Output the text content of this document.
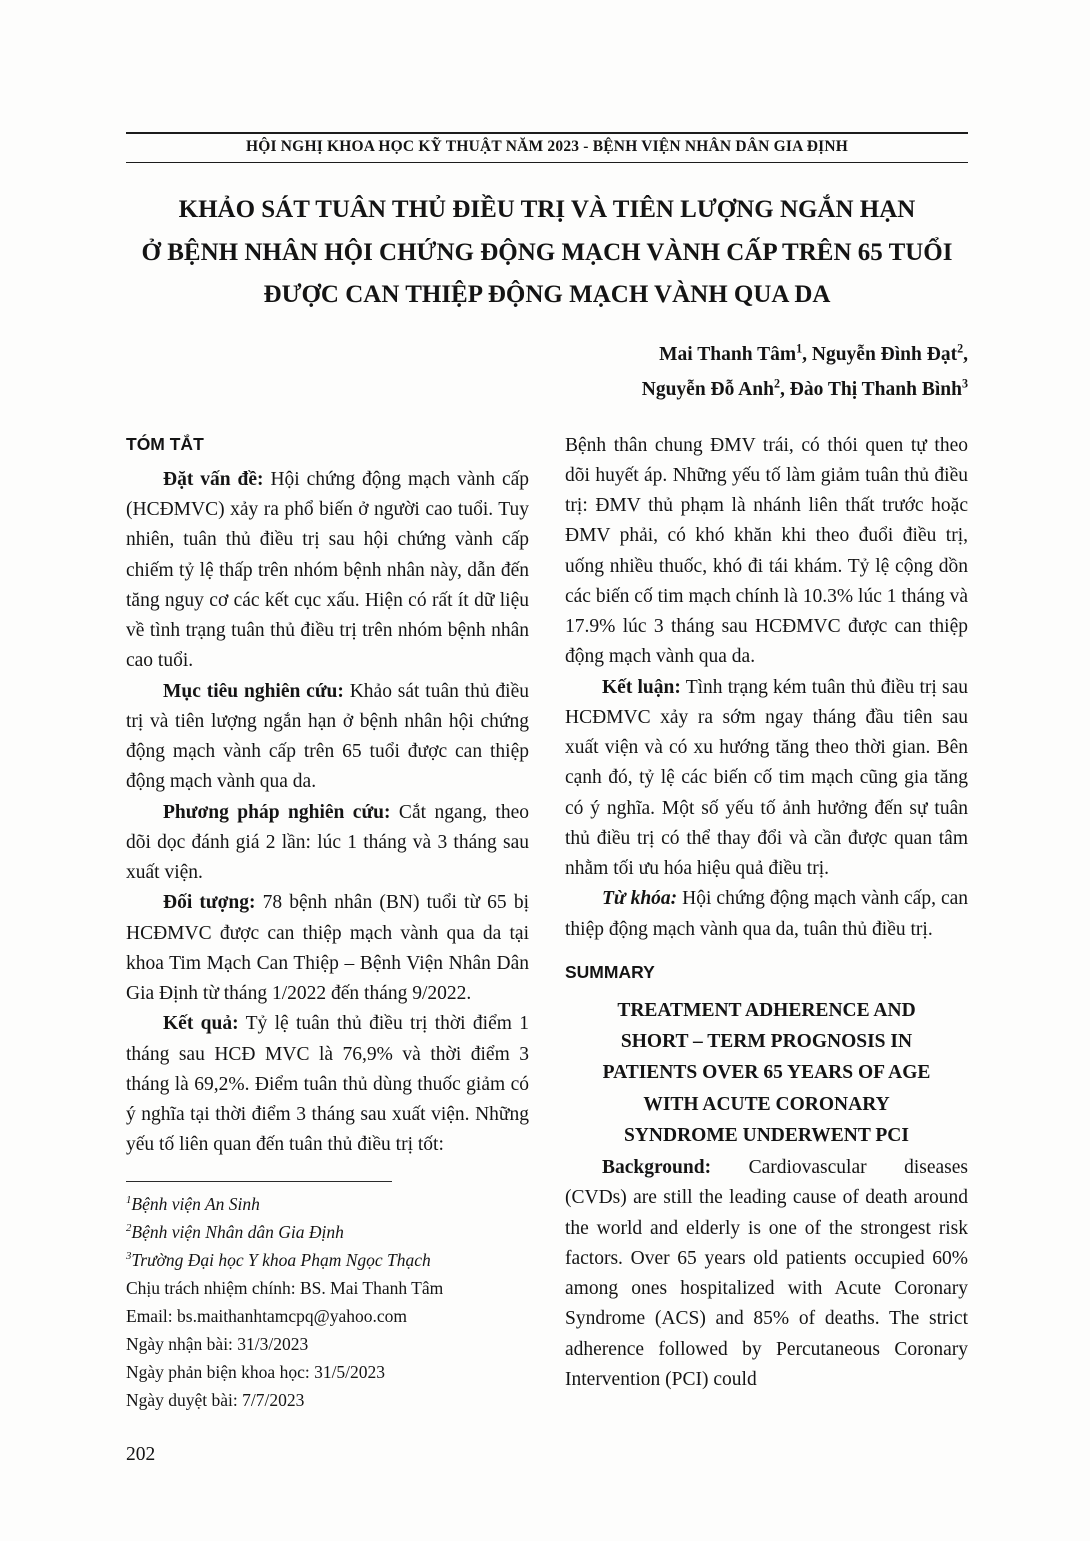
HỘI NGHỊ KHOA HỌC KỸ THUẬT NĂM 2023 - BỆNH VIỆN NHÂN DÂN GIA ĐỊNH
KHẢO SÁT TUÂN THỦ ĐIỀU TRỊ VÀ TIÊN LƯỢNG NGẮN HẠN
Ở BỆNH NHÂN HỘI CHỨNG ĐỘNG MẠCH VÀNH CẤP TRÊN 65 TUỔI
ĐƯỢC CAN THIỆP ĐỘNG MẠCH VÀNH QUA DA
Mai Thanh Tâm$^1$, Nguyễn Đình Đạt$^2$,
Nguyễn Đỗ Anh$^2$, Đào Thị Thanh Bình$^3$
TÓM TẮT

Đặt vấn đề: Hội chứng động mạch vành cấp (HCĐMVC) xảy ra phổ biến ở người cao tuổi. Tuy nhiên, tuân thủ điều trị sau hội chứng vành cấp chiếm tỷ lệ thấp trên nhóm bệnh nhân này, dẫn đến tăng nguy cơ các kết cục xấu. Hiện có rất ít dữ liệu về tình trạng tuân thủ điều trị trên nhóm bệnh nhân cao tuổi.

Mục tiêu nghiên cứu: Khảo sát tuân thủ điều trị và tiên lượng ngắn hạn ở bệnh nhân hội chứng động mạch vành cấp trên 65 tuổi được can thiệp động mạch vành qua da.

Phương pháp nghiên cứu: Cắt ngang, theo dõi dọc đánh giá 2 lần: lúc 1 tháng và 3 tháng sau xuất viện.

Đối tượng: 78 bệnh nhân (BN) tuổi từ 65 bị HCĐMVC được can thiệp mạch vành qua da tại khoa Tim Mạch Can Thiệp – Bệnh Viện Nhân Dân Gia Định từ tháng 1/2022 đến tháng 9/2022.

Kết quả: Tỷ lệ tuân thủ điều trị thời điểm 1 tháng sau HCĐ MVC là 76,9% và thời điểm 3 tháng là 69,2%. Điểm tuân thủ dùng thuốc giảm có ý nghĩa tại thời điểm 3 tháng sau xuất viện. Những yếu tố liên quan đến tuân thủ điều trị tốt:

$^1$Bệnh viện An Sinh
$^2$Bệnh viện Nhân dân Gia Định
$^3$Trường Đại học Y khoa Phạm Ngọc Thạch
Chịu trách nhiệm chính: BS. Mai Thanh Tâm
Email: bs.maithanhtamcpq@yahoo.com
Ngày nhận bài: 31/3/2023
Ngày phản biện khoa học: 31/5/2023
Ngày duyệt bài: 7/7/2023
202

Bệnh thân chung ĐMV trái, có thói quen tự theo dõi huyết áp. Những yếu tố làm giảm tuân thủ điều trị: ĐMV thủ phạm là nhánh liên thất trước hoặc ĐMV phải, có khó khăn khi theo đuổi điều trị, uống nhiều thuốc, khó đi tái khám. Tỷ lệ cộng dồn các biến cố tim mạch chính là 10.3% lúc 1 tháng và 17.9% lúc 3 tháng sau HCĐMVC được can thiệp động mạch vành qua da.

Kết luận: Tình trạng kém tuân thủ điều trị sau HCĐMVC xảy ra sớm ngay tháng đầu tiên sau xuất viện và có xu hướng tăng theo thời gian. Bên cạnh đó, tỷ lệ các biến cố tim mạch cũng gia tăng có ý nghĩa. Một số yếu tố ảnh hưởng đến sự tuân thủ điều trị có thể thay đổi và cần được quan tâm nhằm tối ưu hóa hiệu quả điều trị.

Từ khóa: Hội chứng động mạch vành cấp, can thiệp động mạch vành qua da, tuân thủ điều trị.

SUMMARY
TREATMENT ADHERENCE AND
SHORT – TERM PROGNOSIS IN
PATIENTS OVER 65 YEARS OF AGE
WITH ACUTE CORONARY
SYNDROME UNDERWENT PCI

Background: Cardiovascular diseases (CVDs) are still the leading cause of death around the world and elderly is one of the strongest risk factors. Over 65 years old patients occupied 60% among ones hospitalized with Acute Coronary Syndrome (ACS) and 85% of deaths. The strict adherence followed by Percutaneous Coronary Intervention (PCI) could
